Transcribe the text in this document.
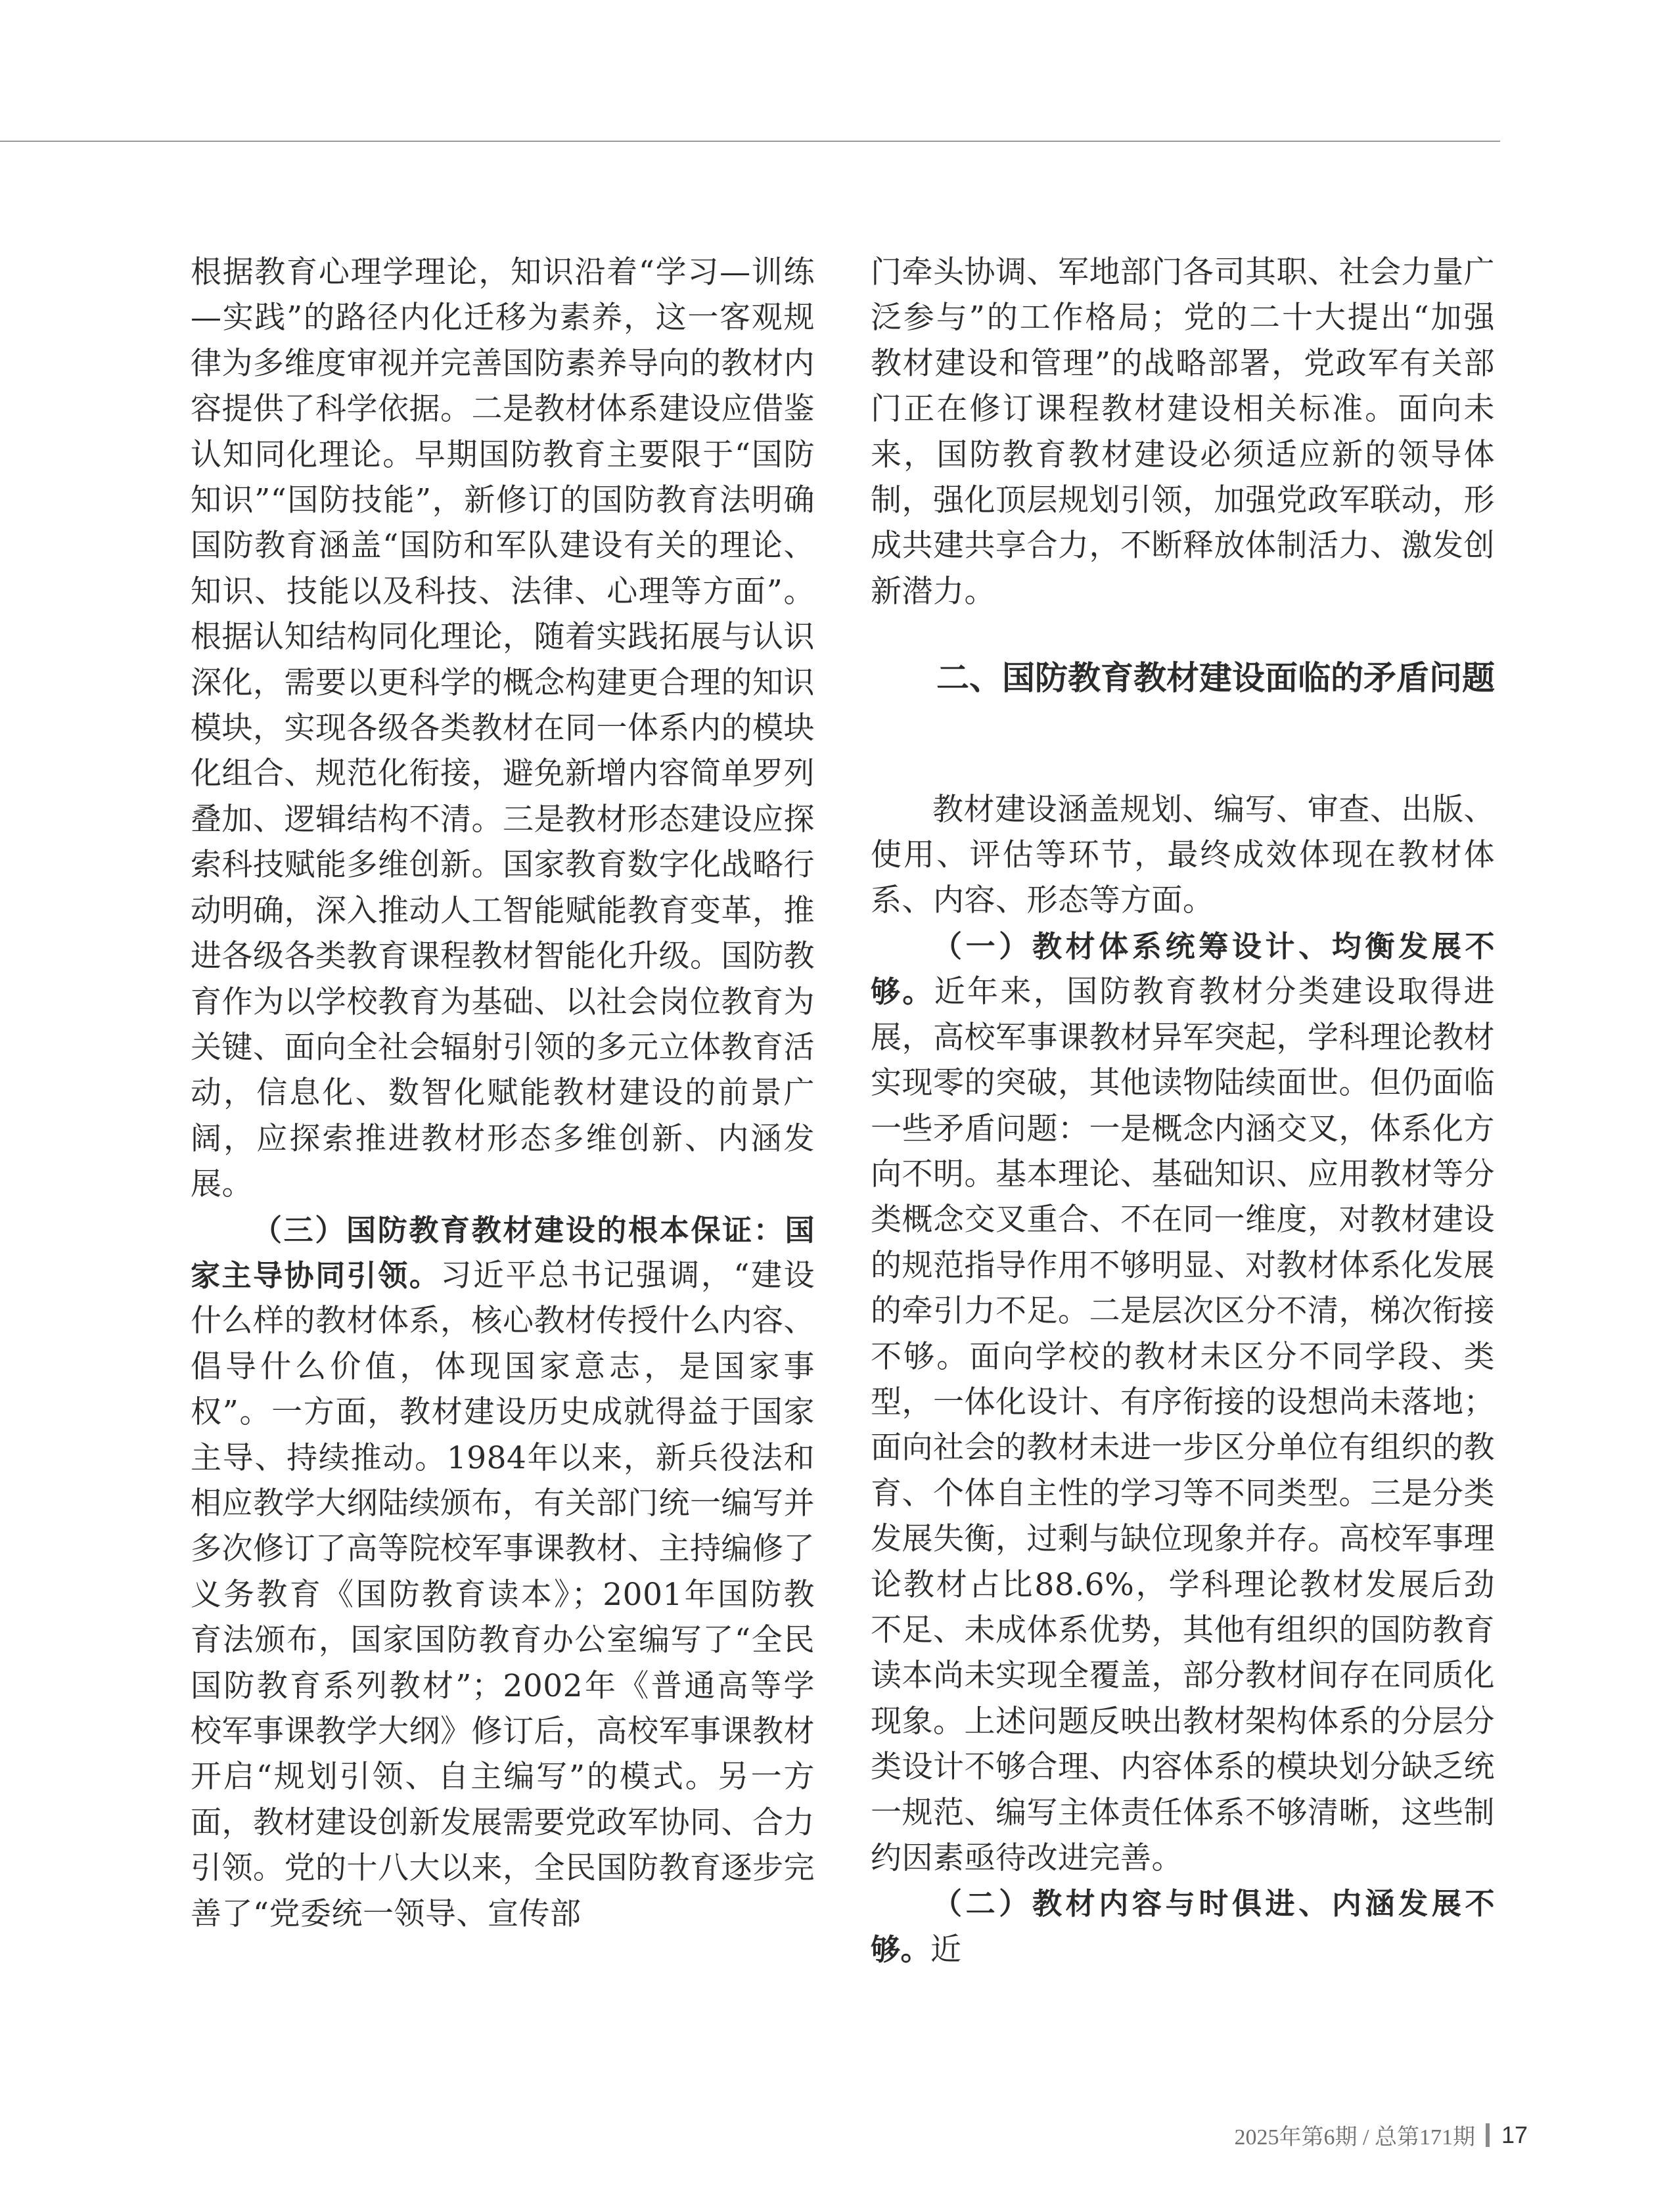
根据教育心理学理论，知识沿着“学习—训练—实践”的路径内化迁移为素养，这一客观规律为多维度审视并完善国防素养导向的教材内容提供了科学依据。二是教材体系建设应借鉴认知同化理论。早期国防教育主要限于“国防知识”“国防技能”，新修订的国防教育法明确国防教育涵盖“国防和军队建设有关的理论、知识、技能以及科技、法律、心理等方面”。根据认知结构同化理论，随着实践拓展与认识深化，需要以更科学的概念构建更合理的知识模块，实现各级各类教材在同一体系内的模块化组合、规范化衔接，避免新增内容简单罗列叠加、逻辑结构不清。三是教材形态建设应探索科技赋能多维创新。国家教育数字化战略行动明确，深入推动人工智能赋能教育变革，推进各级各类教育课程教材智能化升级。国防教育作为以学校教育为基础、以社会岗位教育为关键、面向全社会辐射引领的多元立体教育活动，信息化、数智化赋能教材建设的前景广阔，应探索推进教材形态多维创新、内涵发展。

（三）国防教育教材建设的根本保证：国家主导协同引领。习近平总书记强调，“建设什么样的教材体系，核心教材传授什么内容、倡导什么价值，体现国家意志，是国家事权”。一方面，教材建设历史成就得益于国家主导、持续推动。1984年以来，新兵役法和相应教学大纲陆续颁布，有关部门统一编写并多次修订了高等院校军事课教材、主持编修了义务教育《国防教育读本》；2001年国防教育法颁布，国家国防教育办公室编写了“全民国防教育系列教材”；2002年《普通高等学校军事课教学大纲》修订后，高校军事课教材开启“规划引领、自主编写”的模式。另一方面，教材建设创新发展需要党政军协同、合力引领。党的十八大以来，全民国防教育逐步完善了“党委统一领导、宣传部

门牵头协调、军地部门各司其职、社会力量广泛参与”的工作格局；党的二十大提出“加强教材建设和管理”的战略部署，党政军有关部门正在修订课程教材建设相关标准。面向未来，国防教育教材建设必须适应新的领导体制，强化顶层规划引领，加强党政军联动，形成共建共享合力，不断释放体制活力、激发创新潜力。

二、国防教育教材建设面临的矛盾问题

教材建设涵盖规划、编写、审查、出版、使用、评估等环节，最终成效体现在教材体系、内容、形态等方面。

（一）教材体系统筹设计、均衡发展不够。近年来，国防教育教材分类建设取得进展，高校军事课教材异军突起，学科理论教材实现零的突破，其他读物陆续面世。但仍面临一些矛盾问题：一是概念内涵交叉，体系化方向不明。基本理论、基础知识、应用教材等分类概念交叉重合、不在同一维度，对教材建设的规范指导作用不够明显、对教材体系化发展的牵引力不足。二是层次区分不清，梯次衔接不够。面向学校的教材未区分不同学段、类型，一体化设计、有序衔接的设想尚未落地；面向社会的教材未进一步区分单位有组织的教育、个体自主性的学习等不同类型。三是分类发展失衡，过剩与缺位现象并存。高校军事理论教材占比88.6%，学科理论教材发展后劲不足、未成体系优势，其他有组织的国防教育读本尚未实现全覆盖，部分教材间存在同质化现象。上述问题反映出教材架构体系的分层分类设计不够合理、内容体系的模块划分缺乏统一规范、编写主体责任体系不够清晰，这些制约因素亟待改进完善。

（二）教材内容与时俱进、内涵发展不够。近

2025年第6期 / 总第171期 17
